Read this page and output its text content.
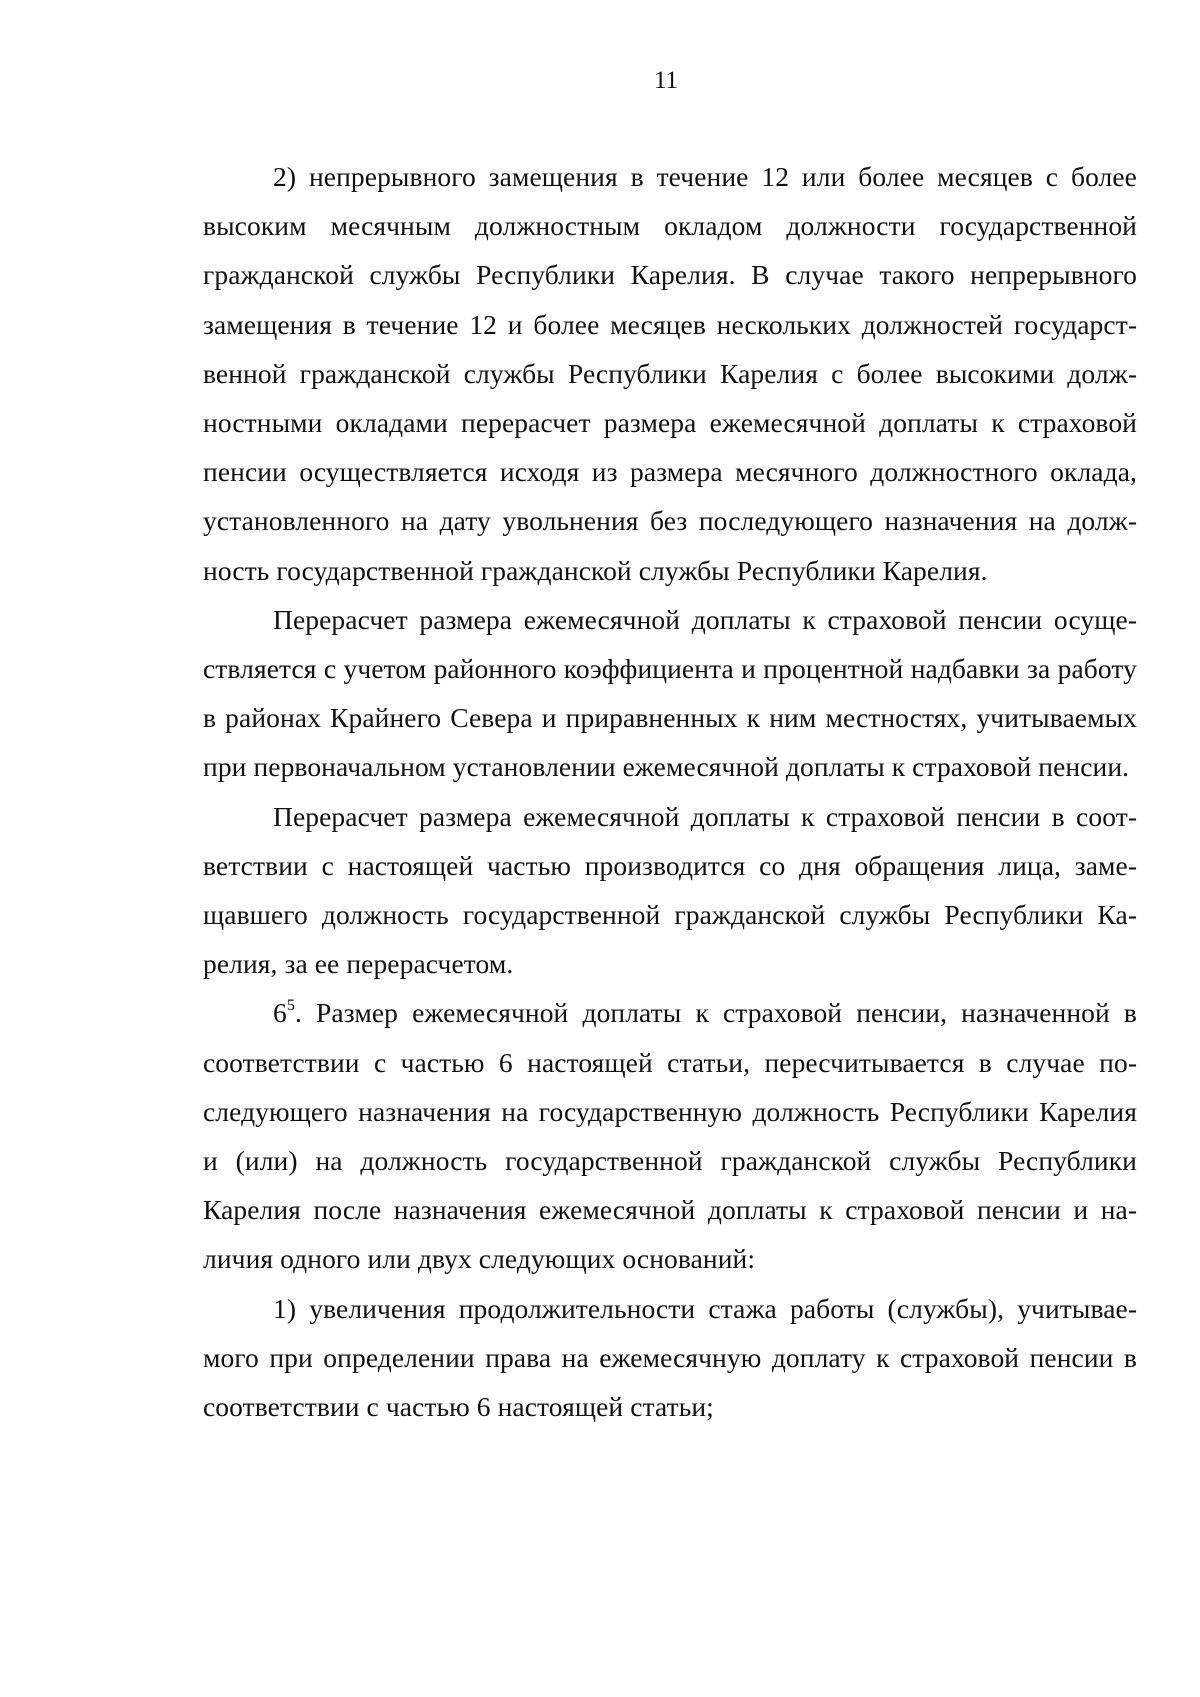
11

2) непрерывного замещения в течение 12 или более месяцев с более высоким месячным должностным окладом должности государственной гражданской службы Республики Карелия. В случае такого непрерывного замещения в течение 12 и более месяцев нескольких должностей государственной гражданской службы Республики Карелия с более высокими должностными окладами перерасчет размера ежемесячной доплаты к страховой пенсии осуществляется исходя из размера месячного должностного оклада, установленного на дату увольнения без последующего назначения на должность государственной гражданской службы Республики Карелия.

Перерасчет размера ежемесячной доплаты к страховой пенсии осуществляется с учетом районного коэффициента и процентной надбавки за работу в районах Крайнего Севера и приравненных к ним местностях, учитываемых при первоначальном установлении ежемесячной доплаты к страховой пенсии.

Перерасчет размера ежемесячной доплаты к страховой пенсии в соответствии с настоящей частью производится со дня обращения лица, замещавшего должность государственной гражданской службы Республики Карелия, за ее перерасчетом.

$6^5$. Размер ежемесячной доплаты к страховой пенсии, назначенной в соответствии с частью 6 настоящей статьи, пересчитывается в случае последующего назначения на государственную должность Республики Карелия и (или) на должность государственной гражданской службы Республики Карелия после назначения ежемесячной доплаты к страховой пенсии и наличия одного или двух следующих оснований:

1) увеличения продолжительности стажа работы (службы), учитываемого при определении права на ежемесячную доплату к страховой пенсии в соответствии с частью 6 настоящей статьи;
